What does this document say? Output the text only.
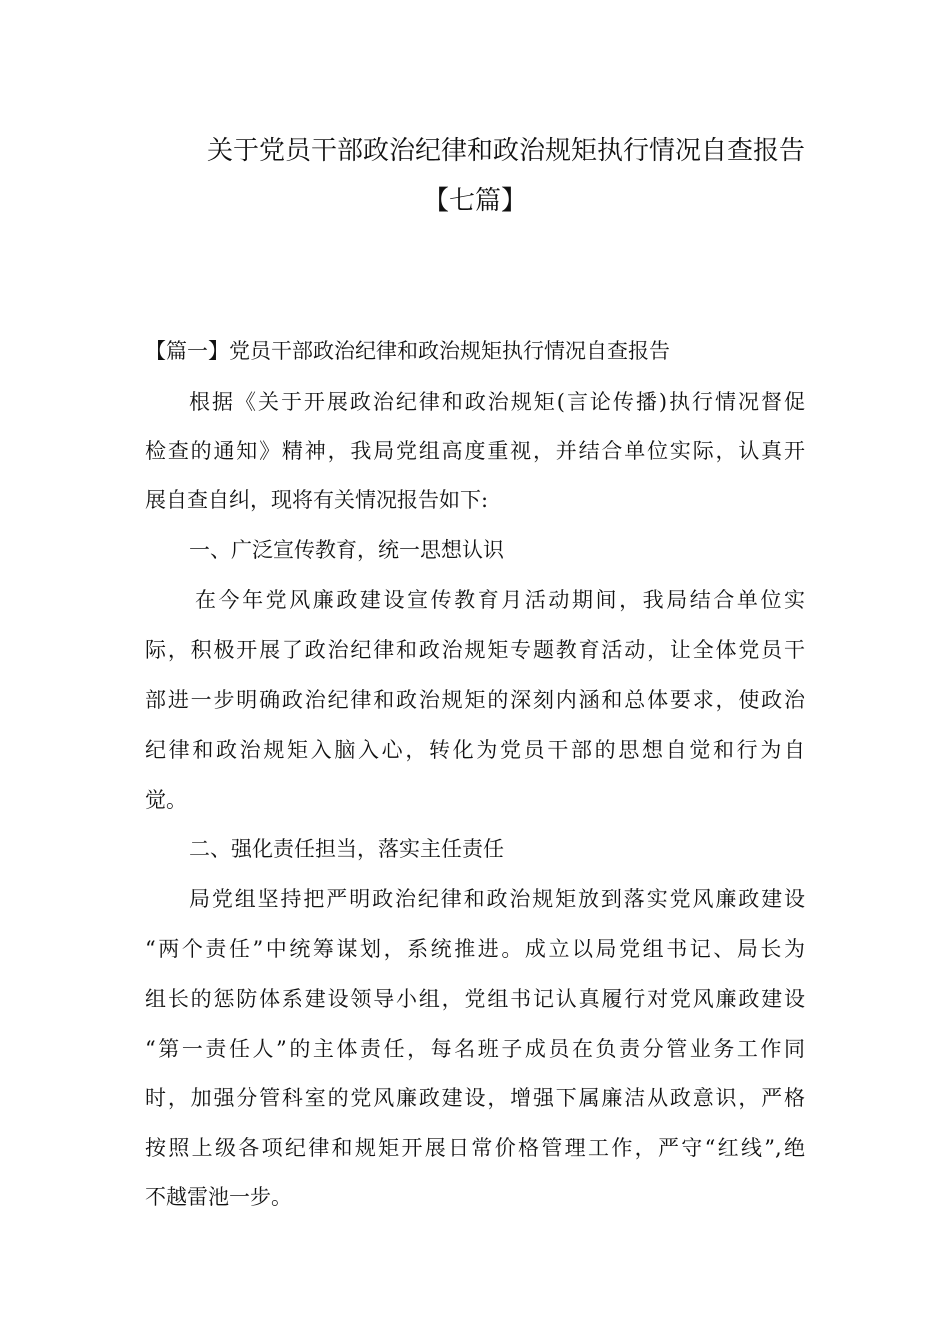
关于党员干部政治纪律和政治规矩执行情况自查报告
【七篇】
【篇一】党员干部政治纪律和政治规矩执行情况自查报告
根据《关于开展政治纪律和政治规矩(言论传播)执行情况督促
检查的通知》精神，我局党组高度重视，并结合单位实际，认真开
展自查自纠，现将有关情况报告如下:
一、广泛宣传教育，统一思想认识
在今年党风廉政建设宣传教育月活动期间，我局结合单位实
际，积极开展了政治纪律和政治规矩专题教育活动，让全体党员干
部进一步明确政治纪律和政治规矩的深刻内涵和总体要求，使政治
纪律和政治规矩入脑入心，转化为党员干部的思想自觉和行为自
觉。
二、强化责任担当，落实主任责任
局党组坚持把严明政治纪律和政治规矩放到落实党风廉政建设
“两个责任”中统筹谋划，系统推进。成立以局党组书记、局长为
组长的惩防体系建设领导小组，党组书记认真履行对党风廉政建设
“第一责任人”的主体责任，每名班子成员在负责分管业务工作同
时，加强分管科室的党风廉政建设，增强下属廉洁从政意识，严格
按照上级各项纪律和规矩开展日常价格管理工作，严守“红线”,绝
不越雷池一步。
